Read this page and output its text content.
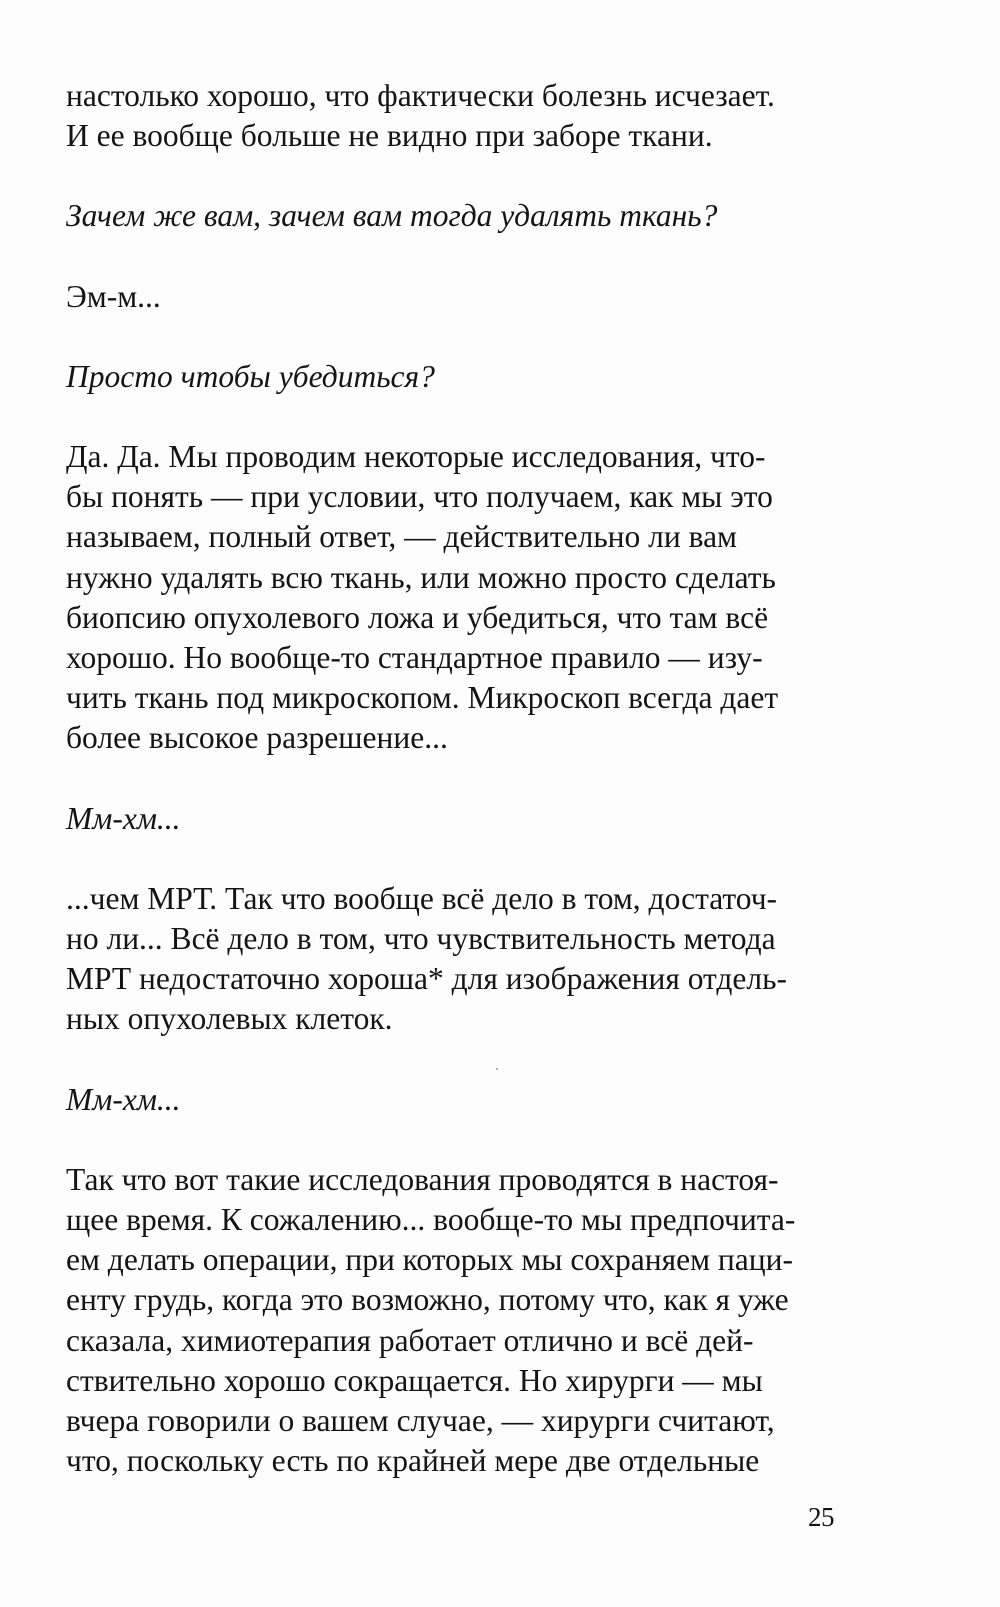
настолько хорошо, что фактически болезнь исчезает.
И ее вообще больше не видно при заборе ткани.
Зачем же вам, зачем вам тогда удалять ткань?
Эм-м...
Просто чтобы убедиться?
Да. Да. Мы проводим некоторые исследования, что-
бы понять — при условии, что получаем, как мы это
называем, полный ответ, — действительно ли вам
нужно удалять всю ткань, или можно просто сделать
биопсию опухолевого ложа и убедиться, что там всё
хорошо. Но вообще-то стандартное правило — изу-
чить ткань под микроскопом. Микроскоп всегда дает
более высокое разрешение...
Мм-хм...
...чем МРТ. Так что вообще всё дело в том, достаточ-
но ли... Всё дело в том, что чувствительность метода
МРТ недостаточно хороша* для изображения отдель-
ных опухолевых клеток.
Мм-хм...
Так что вот такие исследования проводятся в настоя-
щее время. К сожалению... вообще-то мы предпочита-
ем делать операции, при которых мы сохраняем паци-
енту грудь, когда это возможно, потому что, как я уже
сказала, химиотерапия работает отлично и всё дей-
ствительно хорошо сокращается. Но хирурги — мы
вчера говорили о вашем случае, — хирурги считают,
что, поскольку есть по крайней мере две отдельные
25
